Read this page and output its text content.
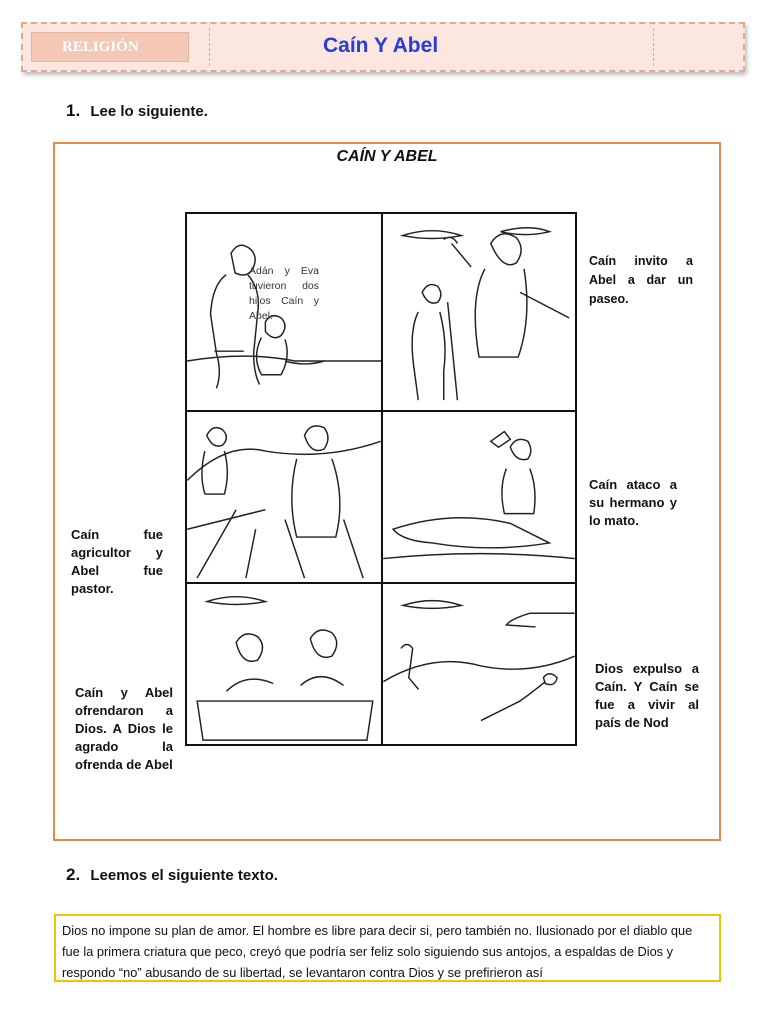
RELIGIÓN	Caín Y Abel
1. Lee lo siguiente.
CAÍN Y ABEL
Adán y Eva tuvieron dos hijos Caín y Abel.
Caín invito a Abel a dar un paseo.
Caín fue agricultor y Abel fue pastor.
Caín ataco a su hermano y lo mato.
Caín y Abel ofrendaron a Dios. A Dios le agrado la ofrenda de Abel
Dios expulso a Caín. Y Caín se fue a vivir al país de Nod
2. Leemos el siguiente texto.
Dios no impone su plan de amor. El hombre es libre para decir si, pero también no. Ilusionado por el diablo que fue la primera criatura que peco, creyó que podría ser feliz solo siguiendo sus antojos, a espaldas de Dios y respondo “no” abusando de su libertad, se levantaron contra Dios y se prefirieron así
